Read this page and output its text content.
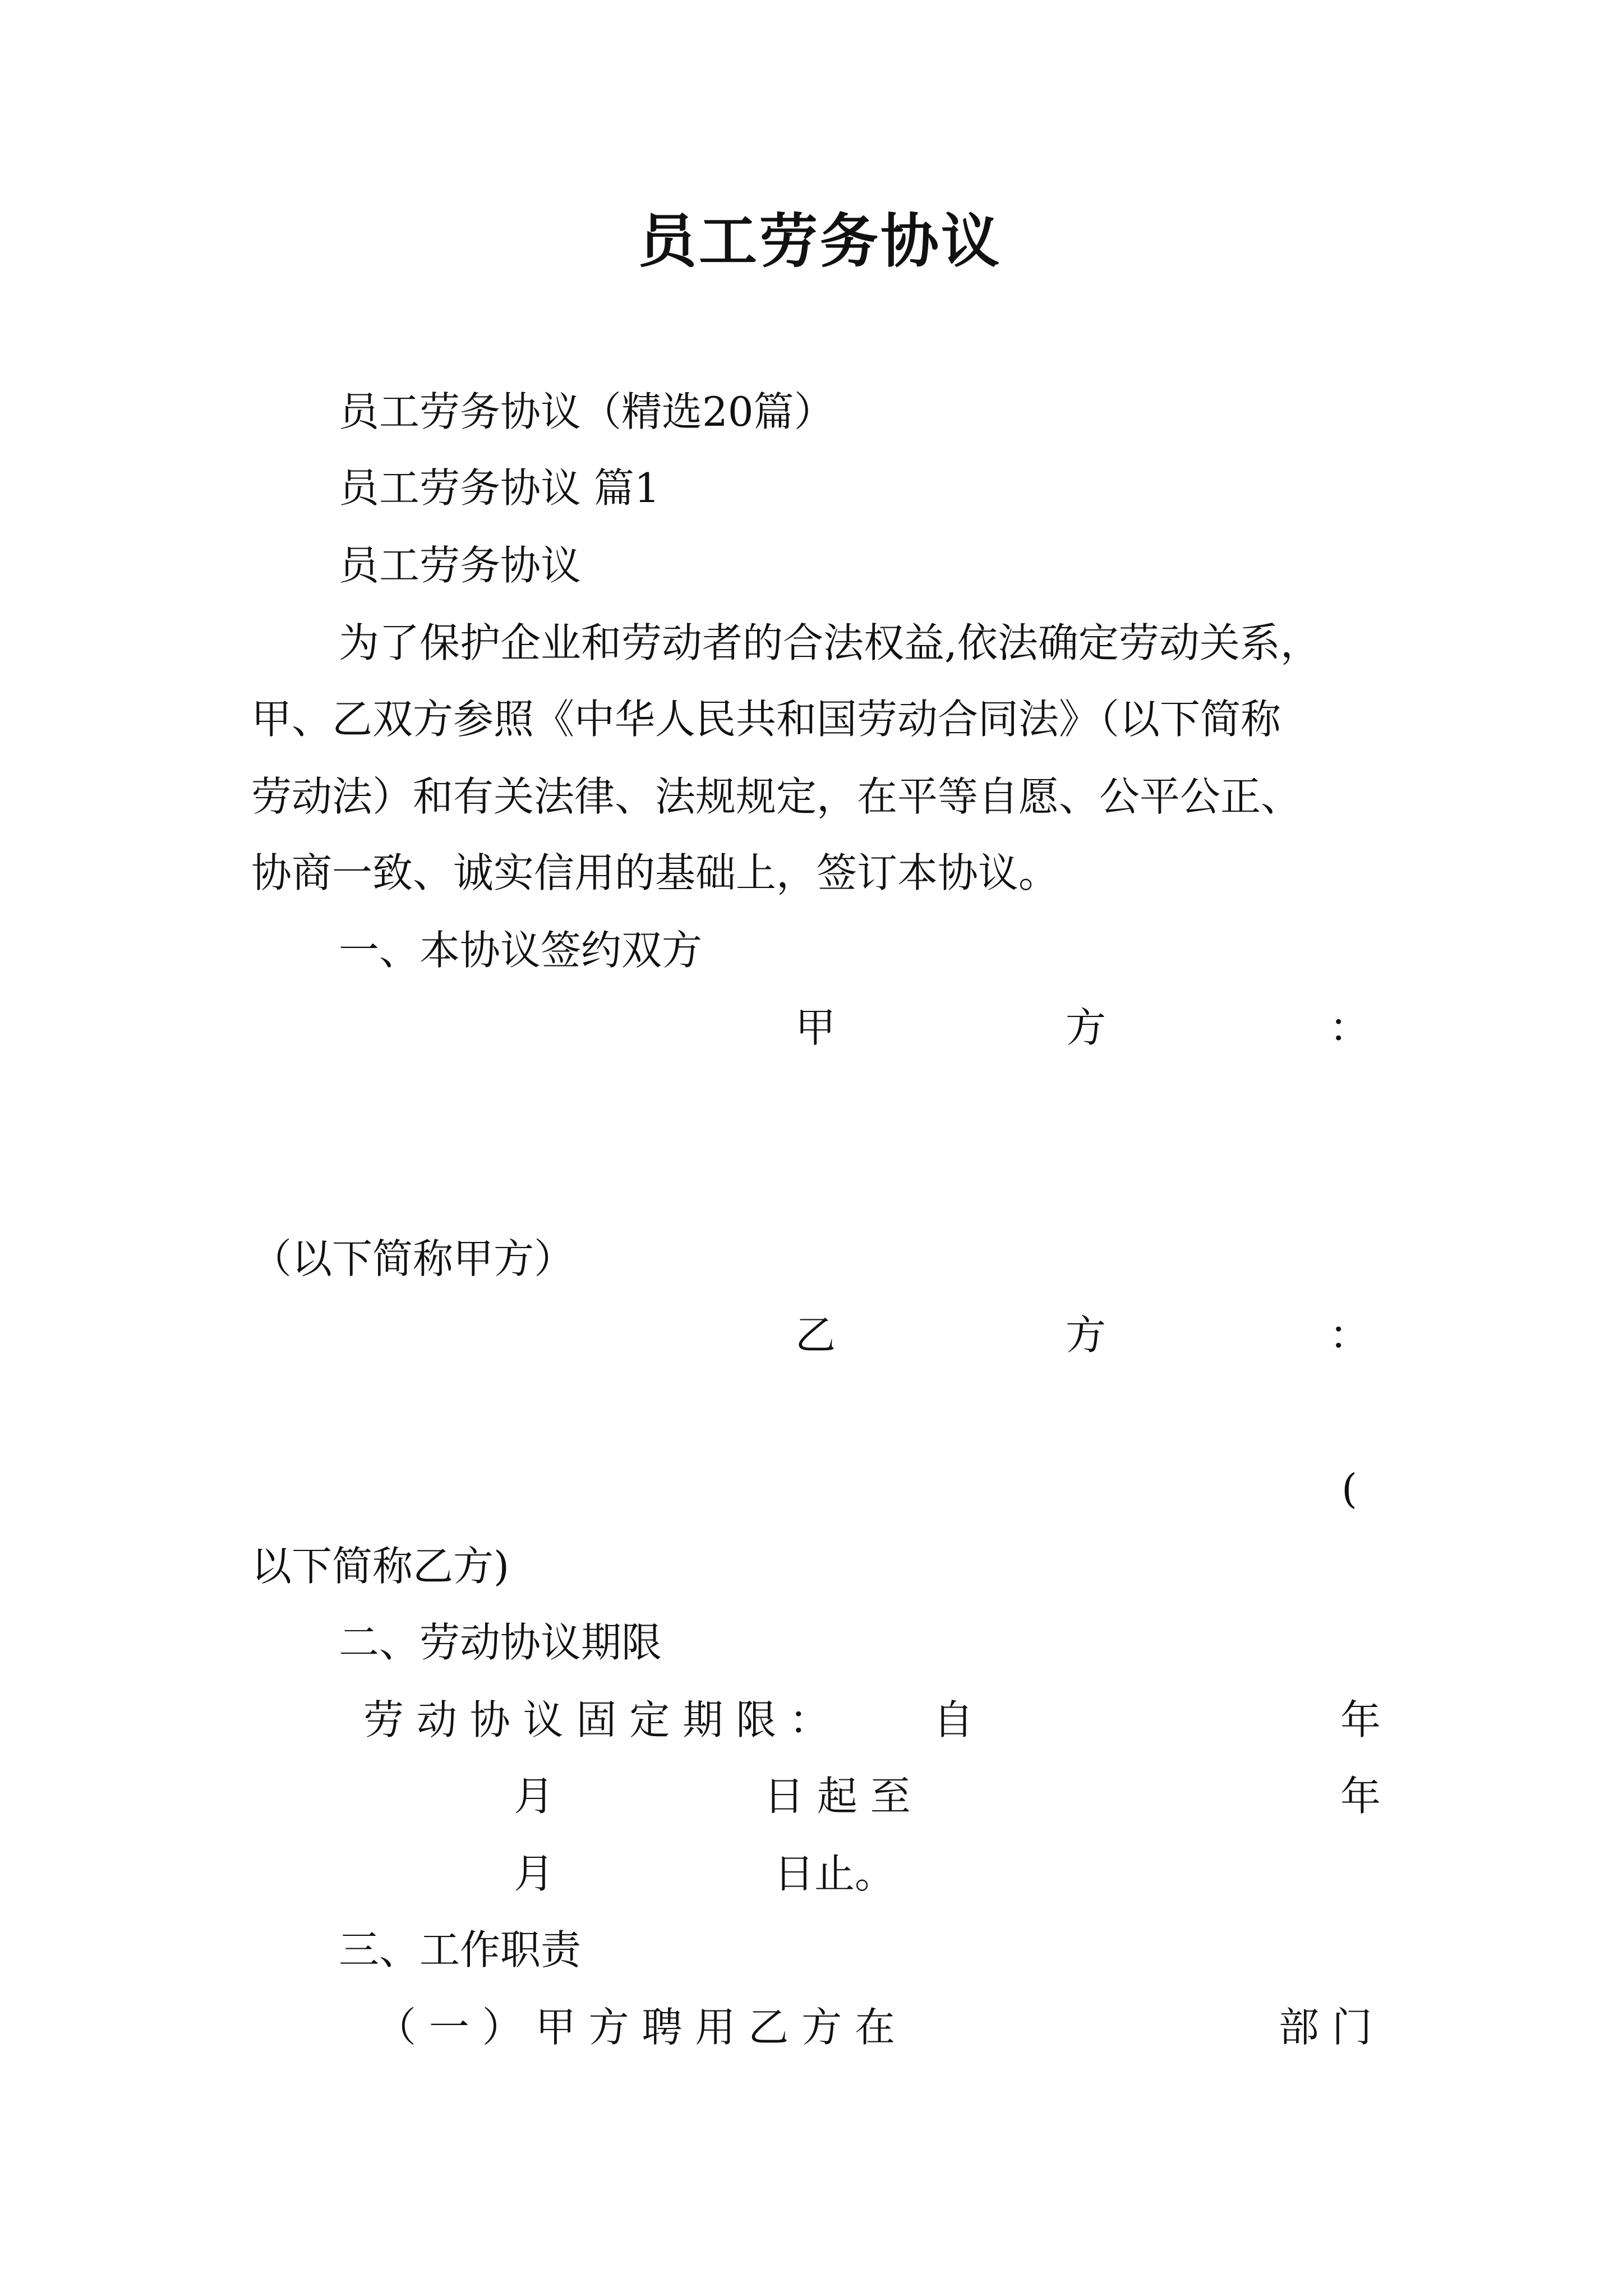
员工劳务协议
员工劳务协议（精选20篇）
员工劳务协议 篇1
员工劳务协议
为了保护企业和劳动者的合法权益,依法确定劳动关系，
甲、乙双方参照《中华人民共和国劳动合同法》（以下简称
劳动法）和有关法律、法规规定，在平等自愿、公平公正、
协商一致、诚实信用的基础上，签订本协议。
一、本协议签约双方
甲	方	：
（以下简称甲方）
乙	方	：
(
以下简称乙方)
二、劳动协议期限
劳 动 协 议 固 定 期 限 ：	自	年
月	日 起 至	年
月	日止。
三、工作职责
（ 一 ） 甲 方 聘 用 乙 方 在	部 门
